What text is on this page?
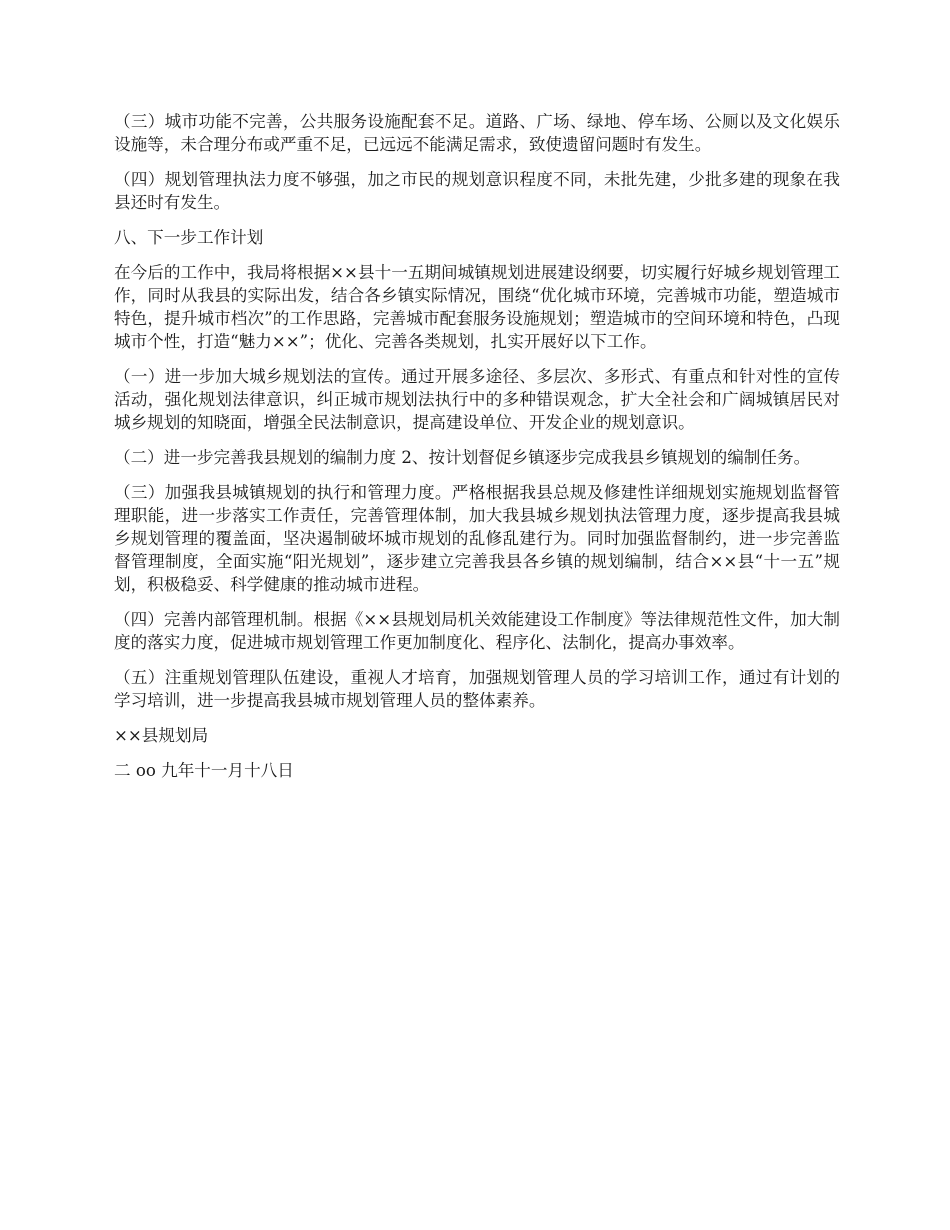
（三）城市功能不完善，公共服务设施配套不足。道路、广场、绿地、停车场、公厕以及文化娱乐设施等，未合理分布或严重不足，已远远不能满足需求，致使遗留问题时有发生。

（四）规划管理执法力度不够强，加之市民的规划意识程度不同，未批先建，少批多建的现象在我县还时有发生。

八、下一步工作计划

在今后的工作中，我局将根据××县十一五期间城镇规划进展建设纲要，切实履行好城乡规划管理工作，同时从我县的实际出发，结合各乡镇实际情况，围绕“优化城市环境，完善城市功能，塑造城市特色，提升城市档次”的工作思路，完善城市配套服务设施规划；塑造城市的空间环境和特色，凸现城市个性，打造“魅力××”；优化、完善各类规划，扎实开展好以下工作。

（一）进一步加大城乡规划法的宣传。通过开展多途径、多层次、多形式、有重点和针对性的宣传活动，强化规划法律意识，纠正城市规划法执行中的多种错误观念，扩大全社会和广阔城镇居民对城乡规划的知晓面，增强全民法制意识，提高建设单位、开发企业的规划意识。

（二）进一步完善我县规划的编制力度 2、按计划督促乡镇逐步完成我县乡镇规划的编制任务。

（三）加强我县城镇规划的执行和管理力度。严格根据我县总规及修建性详细规划实施规划监督管理职能，进一步落实工作责任，完善管理体制，加大我县城乡规划执法管理力度，逐步提高我县城乡规划管理的覆盖面，坚决遏制破坏城市规划的乱修乱建行为。同时加强监督制约，进一步完善监督管理制度，全面实施“阳光规划”，逐步建立完善我县各乡镇的规划编制，结合××县“十一五”规划，积极稳妥、科学健康的推动城市进程。

（四）完善内部管理机制。根据《××县规划局机关效能建设工作制度》等法律规范性文件，加大制度的落实力度，促进城市规划管理工作更加制度化、程序化、法制化，提高办事效率。

（五）注重规划管理队伍建设，重视人才培育，加强规划管理人员的学习培训工作，通过有计划的学习培训，进一步提高我县城市规划管理人员的整体素养。

××县规划局

二 oo 九年十一月十八日
